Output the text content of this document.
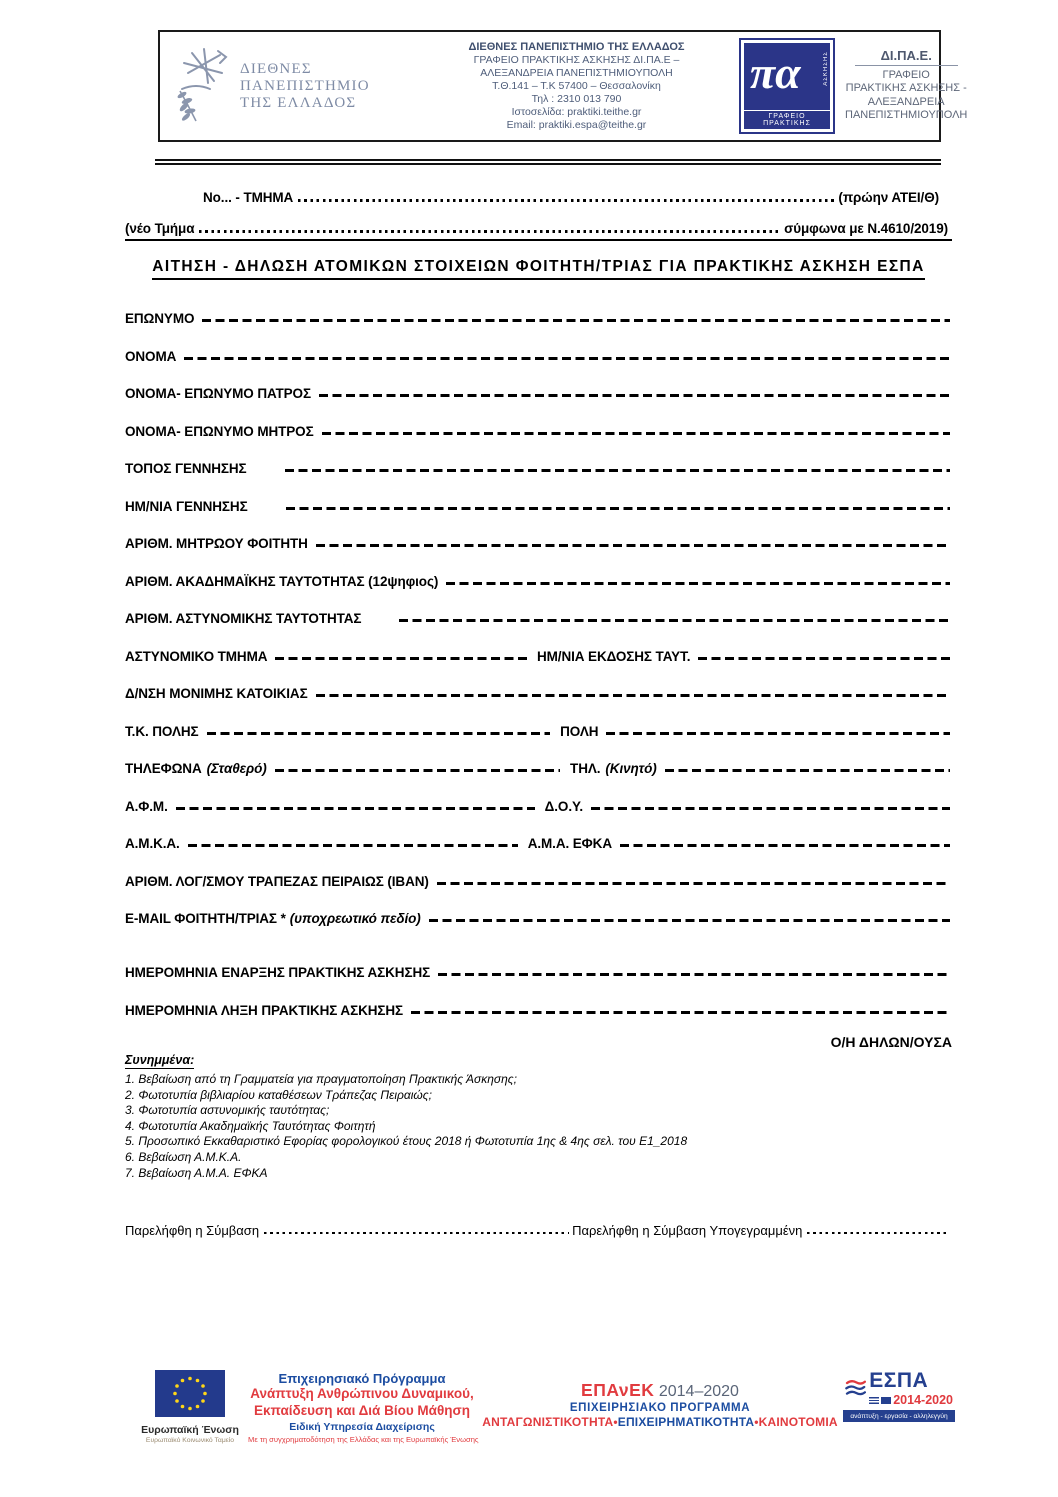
ΔΙΕΘΝΕΣ
ΠΑΝΕΠΙΣΤΗΜΙΟ
ΤΗΣ ΕΛΛΑΔΟΣ
ΔΙΕΘΝΕΣ ΠΑΝΕΠΙΣΤΗΜΙΟ ΤΗΣ ΕΛΛΑΔΟΣ
ΓΡΑΦΕΙΟ ΠΡΑΚΤΙΚΗΣ ΑΣΚΗΣΗΣ ΔΙ.ΠΑ.Ε –
ΑΛΕΞΑΝΔΡΕΙΑ ΠΑΝΕΠΙΣΤΗΜΙΟΥΠΟΛΗ
Τ.Θ.141 – Τ.Κ 57400 – Θεσσαλονίκη
Τηλ : 2310 013 790
Ιστοσελίδα: praktiki.teithe.gr
Email: praktiki.espa@teithe.gr
πα	ΑΣΚΗΣΗΣ
ΓΡΑΦΕΙΟ ΠΡΑΚΤΙΚΗΣ
ΔΙ.ΠΑ.Ε.
ΓΡΑΦΕΙΟ
ΠΡΑΚΤΙΚΗΣ ΑΣΚΗΣΗΣ -
ΑΛΕΞΑΝΔΡΕΙΑ
ΠΑΝΕΠΙΣΤΗΜΙΟΥΠΟΛΗ
Νο... - ΤΜΗΜΑ	(πρώην ΑΤΕΙ/Θ)
(νέο Τμήμα	σύμφωνα με Ν.4610/2019)
ΑΙΤΗΣΗ - ΔΗΛΩΣΗ ΑΤΟΜΙΚΩΝ ΣΤΟΙΧΕΙΩΝ ΦΟΙΤΗΤΗ/ΤΡΙΑΣ ΓΙΑ ΠΡΑΚΤΙΚΗΣ ΑΣΚΗΣΗ ΕΣΠΑ
ΕΠΩΝΥΜΟ
ΟΝΟΜΑ
ΟΝΟΜΑ- ΕΠΩΝΥΜΟ ΠΑΤΡΟΣ
ΟΝΟΜΑ- ΕΠΩΝΥΜΟ ΜΗΤΡΟΣ
ΤΟΠΟΣ ΓΕΝΝΗΣΗΣ
ΗΜ/ΝΙΑ ΓΕΝΝΗΣΗΣ
ΑΡΙΘΜ. ΜΗΤΡΩΟΥ ΦΟΙΤΗΤΗ
ΑΡΙΘΜ. ΑΚΑΔΗΜΑΪΚΗΣ ΤΑΥΤΟΤΗΤΑΣ (12ψηφιος)
ΑΡΙΘΜ. ΑΣΤΥΝΟΜΙΚΗΣ ΤΑΥΤΟΤΗΤΑΣ
ΑΣΤΥΝΟΜΙΚΟ ΤΜΗΜΑ	ΗΜ/ΝΙΑ ΕΚΔΟΣΗΣ ΤΑΥΤ.
Δ/ΝΣΗ ΜΟΝΙΜΗΣ ΚΑΤΟΙΚΙΑΣ
Τ.Κ. ΠΟΛΗΣ	ΠΟΛΗ
ΤΗΛΕΦΩΝΑ (Σταθερό)	ΤΗΛ. (Κινητό)
Α.Φ.Μ.	Δ.Ο.Υ.
Α.Μ.Κ.Α.	Α.Μ.Α. ΕΦΚΑ
ΑΡΙΘΜ. ΛΟΓ/ΣΜΟΥ ΤΡΑΠΕΖΑΣ ΠΕΙΡΑΙΩΣ (ΙΒΑΝ)
E-MAIL ΦΟΙΤΗΤΗ/ΤΡΙΑΣ * (υποχρεωτικό πεδίο)
ΗΜΕΡΟΜΗΝΙΑ ΕΝΑΡΞΗΣ ΠΡΑΚΤΙΚΗΣ ΑΣΚΗΣΗΣ
ΗΜΕΡΟΜΗΝΙΑ ΛΗΞΗ ΠΡΑΚΤΙΚΗΣ ΑΣΚΗΣΗΣ
Ο/Η ΔΗΛΩΝ/ΟΥΣΑ
Συνημμένα:
1. Βεβαίωση από τη Γραμματεία για πραγματοποίηση Πρακτικής Άσκησης;
2. Φωτοτυπία βιβλιαρίου καταθέσεων Τράπεζας Πειραιώς;
3. Φωτοτυπία αστυνομικής ταυτότητας;
4. Φωτοτυπία Ακαδημαϊκής Ταυτότητας Φοιτητή
5. Προσωπικό Εκκαθαριστικό Εφορίας φορολογικού έτους 2018 ή Φωτοτυπία 1ης & 4ης σελ. του Ε1_2018
6. Βεβαίωση Α.Μ.Κ.Α.
7. Βεβαίωση Α.Μ.Α. ΕΦΚΑ
Παρελήφθη η Σύμβαση	Παρελήφθη η Σύμβαση Υπογεγραμμένη
Ευρωπαϊκή Ένωση
Ευρωπαϊκό Κοινωνικό Ταμείο
Επιχειρησιακό Πρόγραμμα
Ανάπτυξη Ανθρώπινου Δυναμικού,
Εκπαίδευση και Διά Βίου Μάθηση
Ειδική Υπηρεσία Διαχείρισης
Με τη συγχρηματοδότηση της Ελλάδας και της Ευρωπαϊκής Ένωσης
ΕΠΑνΕΚ 2014–2020
ΕΠΙΧΕΙΡΗΣΙΑΚΟ ΠΡΟΓΡΑΜΜΑ
ΑΝΤΑΓΩΝΙΣΤΙΚΟΤΗΤΑ•ΕΠΙΧΕΙΡΗΜΑΤΙΚΟΤΗΤΑ•ΚΑΙΝΟΤΟΜΙΑ
ΕΣΠΑ
2014-2020
ανάπτυξη - εργασία - αλληλεγγύη
